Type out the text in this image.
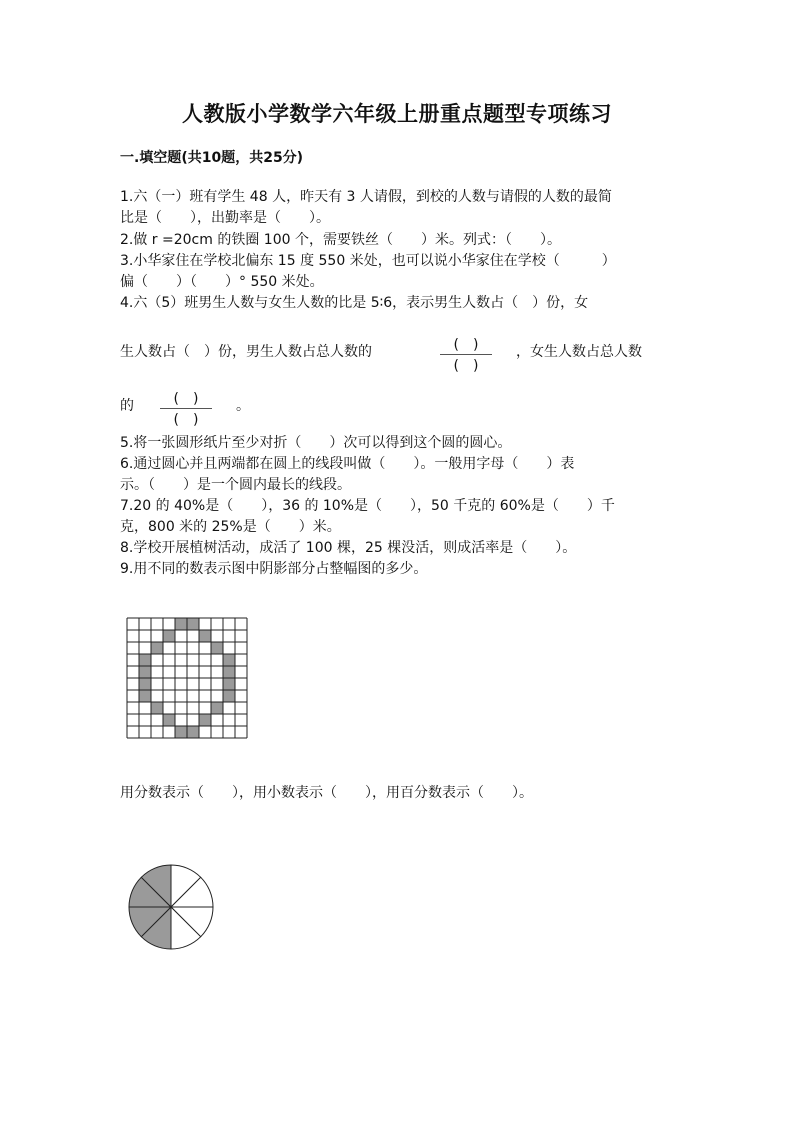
人教版小学数学六年级上册重点题型专项练习
一.填空题(共10题，共25分)
1.六（一）班有学生 48 人，昨天有 3 人请假，到校的人数与请假的人数的最简
比是（　　），出勤率是（　　）。
2.做 r =20cm 的铁圈 100 个，需要铁丝（　　）米。列式：（　　）。
3.小华家住在学校北偏东 15 度 550 米处，也可以说小华家住在学校（　　　）
偏（　　）（　　）° 550 米处。
4.六（5）班男生人数与女生人数的比是 5∶6，表示男生人数占（　）份，女
生人数占（　）份，男生人数占总人数的	(　)
(　)
，女生人数占总人数
的	(　)
(　)
。
5.将一张圆形纸片至少对折（　　）次可以得到这个圆的圆心。
6.通过圆心并且两端都在圆上的线段叫做（　　）。一般用字母（　　）表
示。（　　）是一个圆内最长的线段。
7.20 的 40%是（　　），36 的 10%是（　　），50 千克的 60%是（　　）千
克，800 米的 25%是（　　）米。
8.学校开展植树活动，成活了 100 棵，25 棵没活，则成活率是（　　）。
9.用不同的数表示图中阴影部分占整幅图的多少。
用分数表示（　　），用小数表示（　　），用百分数表示（　　）。
